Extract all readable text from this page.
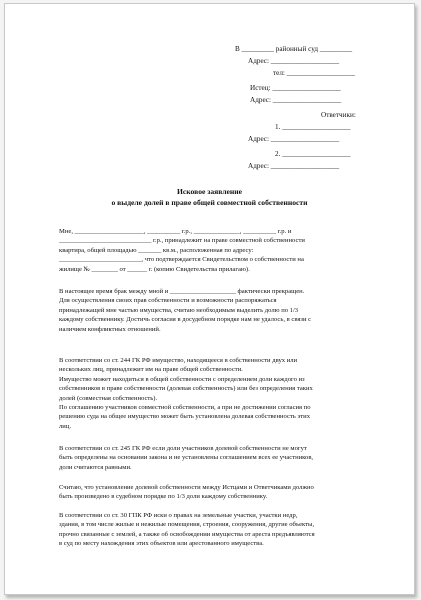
В _________ районный суд _________
Адрес: ___________________
тел: ___________________
Истец: ___________________
Адрес: ___________________
Ответчики:
1. ___________________
Адрес: ___________________
2. ___________________
Адрес: ___________________
Исковое заявление
о выделе долей в праве общей совместной собственности
Мне, _____________________, __________ г.р., ______________, __________ г.р. и
____________________________ г.р., принадлежит на праве совместной собственности
квартира, общей площадью _______ кв.м., расположенная по адресу:
_________________________, что подтверждается Свидетельством о собственности на
жилище № ________ от ______ г. (копию Свидетельства прилагаю).
В настоящее время брак между мной и ____________________ фактически прекращен.
Для осуществления своих прав собственности и возможности распоряжаться
принадлежащей мне частью имущества, считаю необходимым выделить долю по 1/3
каждому собственнику. Достичь согласия в досудебном порядке нам не удалось, в связи с
наличием конфликтных отношений.
В соответствии со ст. 244 ГК РФ имущество, находящееся в собственности двух или
нескольких лиц, принадлежит им на праве общей собственности.
Имущество может находиться в общей собственности с определением доли каждого из
собственников в праве собственности (долевая собственность) или без определения таких
долей (совместная собственность).
По соглашению участников совместной собственности, а при не достижении согласия по
решению суда на общее имущество может быть установлена долевая собственность этих
лиц.
В соответствии со ст. 245 ГК РФ если доли участников долевой собственности не могут
быть определены на основании закона и не установлены соглашением всех ее участников,
доли считаются равными.
Считаю, что установление долевой собственности между Истцами и Ответчиками должно
быть произведено в судебном порядке по 1/3 доли каждому собственнику.
В соответствии со ст. 30 ГПК РФ иски о правах на земельные участки, участки недр,
здания, в том числе жилые и нежилые помещения, строения, сооружения, другие объекты,
прочно связанные с землей, а также об освобождении имущества от ареста предъявляются
в суд по месту нахождения этих объектов или арестованного имущества.
